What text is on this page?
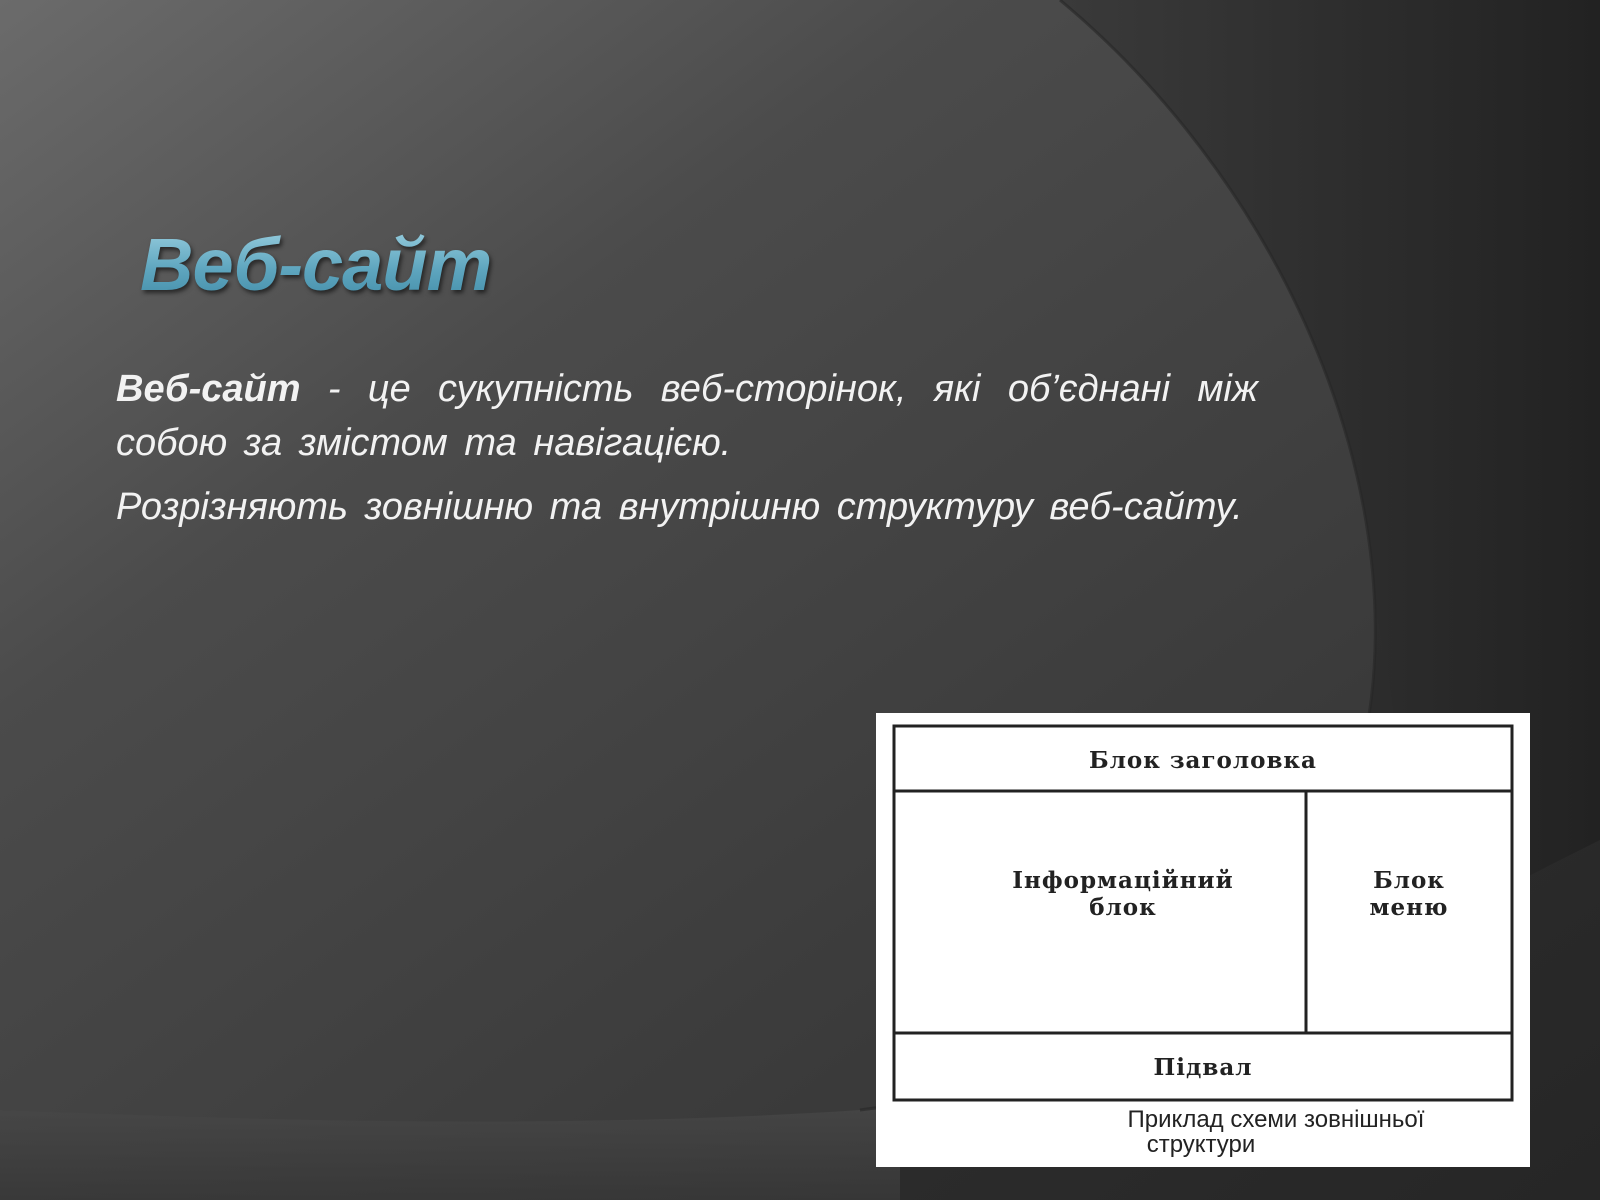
Веб-сайт

Веб-сайт - це сукупність веб-сторінок, які об’єднані між собою за змістом та навігацією.

Розрізняють зовнішню та внутрішню структуру веб-сайту.

Блок заголовка
Інформаційний
блок
Блок
меню
Підвал
Приклад схеми зовнішньої
структури
